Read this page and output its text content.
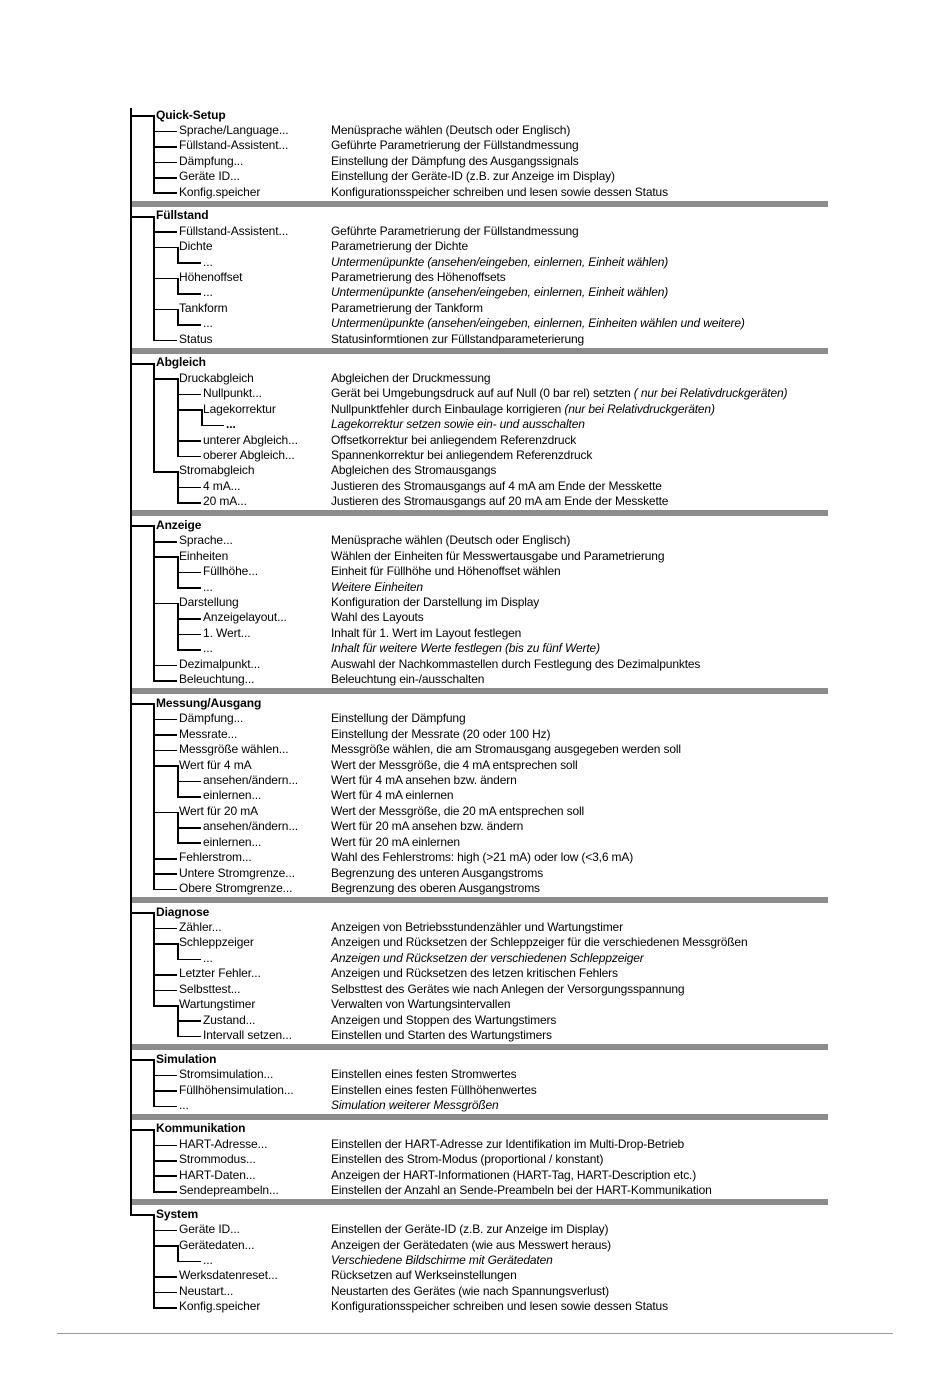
Quick-Setup
Sprache/Language...	Menüsprache wählen (Deutsch oder Englisch)
Füllstand-Assistent...	Geführte Parametrierung der Füllstandmessung
Dämpfung...	Einstellung der Dämpfung des Ausgangssignals
Geräte ID...	Einstellung der Geräte-ID (z.B. zur Anzeige im Display)
Konfig.speicher	Konfigurationsspeicher schreiben und lesen sowie dessen Status
Füllstand
Füllstand-Assistent...	Geführte Parametrierung der Füllstandmessung
Dichte	Parametrierung der Dichte
...	Untermenüpunkte (ansehen/eingeben, einlernen, Einheit wählen)
Höhenoffset	Parametrierung des Höhenoffsets
...	Untermenüpunkte (ansehen/eingeben, einlernen, Einheit wählen)
Tankform	Parametrierung der Tankform
...	Untermenüpunkte (ansehen/eingeben, einlernen, Einheiten wählen und weitere)
Status	Statusinformtionen zur Füllstandparameterierung
Abgleich
Druckabgleich	Abgleichen der Druckmessung
Nullpunkt...	Gerät bei Umgebungsdruck auf auf Null (0 bar rel) setzten ( nur bei Relativdruckgeräten)
Lagekorrektur	Nullpunktfehler durch Einbaulage korrigieren (nur bei Relativdruckgeräten)
...	Lagekorrektur setzen sowie ein- und ausschalten
unterer Abgleich...	Offsetkorrektur bei anliegendem Referenzdruck
oberer Abgleich...	Spannenkorrektur bei anliegendem Referenzdruck
Stromabgleich	Abgleichen des Stromausgangs
4 mA...	Justieren des Stromausgangs auf 4 mA am Ende der Messkette
20 mA...	Justieren des Stromausgangs auf 20 mA am Ende der Messkette
Anzeige
Sprache...	Menüsprache wählen (Deutsch oder Englisch)
Einheiten	Wählen der Einheiten für Messwertausgabe und Parametrierung
Füllhöhe...	Einheit für Füllhöhe und Höhenoffset wählen
...	Weitere Einheiten
Darstellung	Konfiguration der Darstellung im Display
Anzeigelayout...	Wahl des Layouts
1. Wert...	Inhalt für 1. Wert im Layout festlegen
...	Inhalt für weitere Werte festlegen (bis zu fünf Werte)
Dezimalpunkt...	Auswahl der Nachkommastellen durch Festlegung des Dezimalpunktes
Beleuchtung...	Beleuchtung ein-/ausschalten
Messung/Ausgang
Dämpfung...	Einstellung der Dämpfung
Messrate...	Einstellung der Messrate (20 oder 100 Hz)
Messgröße wählen...	Messgröße wählen, die am Stromausgang ausgegeben werden soll
Wert für 4 mA	Wert der Messgröße, die 4 mA entsprechen soll
ansehen/ändern...	Wert für 4 mA ansehen bzw. ändern
einlernen...	Wert für 4 mA einlernen
Wert für 20 mA	Wert der Messgröße, die 20 mA entsprechen soll
ansehen/ändern...	Wert für 20 mA ansehen bzw. ändern
einlernen...	Wert für 20 mA einlernen
Fehlerstrom...	Wahl des Fehlerstroms: high (>21 mA) oder low (<3,6 mA)
Untere Stromgrenze...	Begrenzung des unteren Ausgangstroms
Obere Stromgrenze...	Begrenzung des oberen Ausgangstroms
Diagnose
Zähler...	Anzeigen von Betriebsstundenzähler und Wartungstimer
Schleppzeiger	Anzeigen und Rücksetzen der Schleppzeiger für die verschiedenen Messgrößen
...	Anzeigen und Rücksetzen der verschiedenen Schleppzeiger
Letzter Fehler...	Anzeigen und Rücksetzen des letzen kritischen Fehlers
Selbsttest...	Selbsttest des Gerätes wie nach Anlegen der Versorgungsspannung
Wartungstimer	Verwalten von Wartungsintervallen
Zustand...	Anzeigen und Stoppen des Wartungstimers
Intervall setzen...	Einstellen und Starten des Wartungstimers
Simulation
Stromsimulation...	Einstellen eines festen Stromwertes
Füllhöhensimulation...	Einstellen eines festen Füllhöhenwertes
...	Simulation weiterer Messgrößen
Kommunikation
HART-Adresse...	Einstellen der HART-Adresse zur Identifikation im Multi-Drop-Betrieb
Strommodus...	Einstellen des Strom-Modus (proportional / konstant)
HART-Daten...	Anzeigen der HART-Informationen (HART-Tag, HART-Description etc.)
Sendepreambeln...	Einstellen der Anzahl an Sende-Preambeln bei der HART-Kommunikation
System
Geräte ID...	Einstellen der Geräte-ID (z.B. zur Anzeige im Display)
Gerätedaten...	Anzeigen der Gerätedaten (wie aus Messwert heraus)
...	Verschiedene Bildschirme mit Gerätedaten
Werksdatenreset...	Rücksetzen auf Werkseinstellungen
Neustart...	Neustarten des Gerätes (wie nach Spannungsverlust)
Konfig.speicher	Konfigurationsspeicher schreiben und lesen sowie dessen Status
